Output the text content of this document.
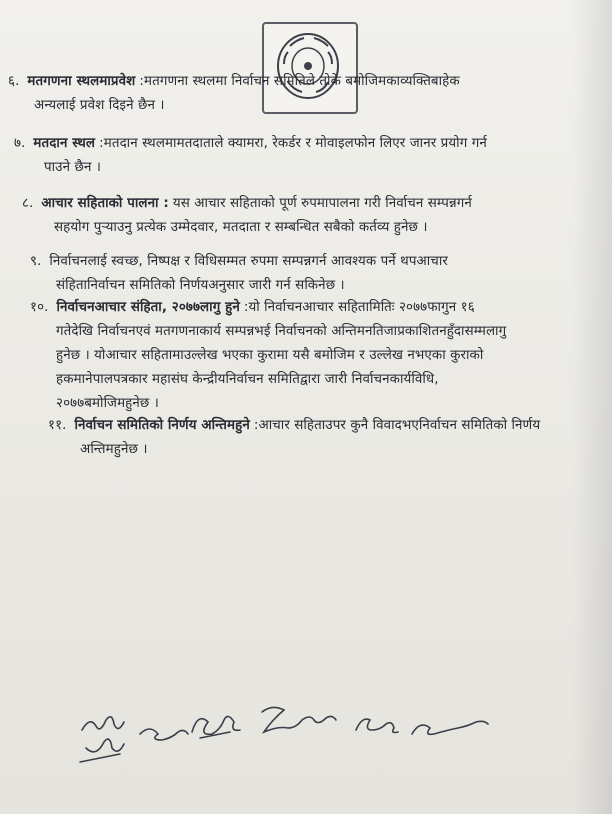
६. मतगणना स्थलमाप्रवेश :मतगणना स्थलमा निर्वाचन समितिले तोके बमोजिमकाव्यक्तिबाहेक
अन्यलाई प्रवेश दिइने छैन ।
७. मतदान स्थल :मतदान स्थलमामतदाताले क्यामरा, रेकर्डर र मोवाइलफोन लिएर जानर प्रयोग गर्न
पाउने छैन ।
८. आचार सहिताको पालना : यस आचार सहिताको पूर्ण रुपमापालना गरी निर्वाचन सम्पन्नगर्न
सहयोग पुऱ्याउनु प्रत्येक उम्मेदवार, मतदाता र सम्बन्धित सबैको कर्तव्य हुनेछ ।
९. निर्वाचनलाई स्वच्छ, निष्पक्ष र विधिसम्मत रुपमा सम्पन्नगर्न आवश्यक पर्ने थपआचार
संहितानिर्वाचन समितिको निर्णयअनुसार जारी गर्न सकिनेछ ।
१०. निर्वाचनआचार संहिता, २०७७लागु हुने :यो निर्वाचनआचार सहितामितिः २०७७फागुन १६
गतेदेखि निर्वाचनएवं मतगणनाकार्य सम्पन्नभई निर्वाचनको अन्तिमनतिजाप्रकाशितनहुँदासम्मलागु
हुनेछ । योआचार सहितामाउल्लेख भएका कुरामा यसै बमोजिम र उल्लेख नभएका कुराको
हकमानेपालपत्रकार महासंघ केन्द्रीयनिर्वाचन समितिद्वारा जारी निर्वाचनकार्यविधि,
२०७७बमोजिमहुनेछ ।
११. निर्वाचन समितिको निर्णय अन्तिमहुने :आचार सहिताउपर कुनै विवादभएनिर्वाचन समितिको निर्णय
अन्तिमहुनेछ ।
